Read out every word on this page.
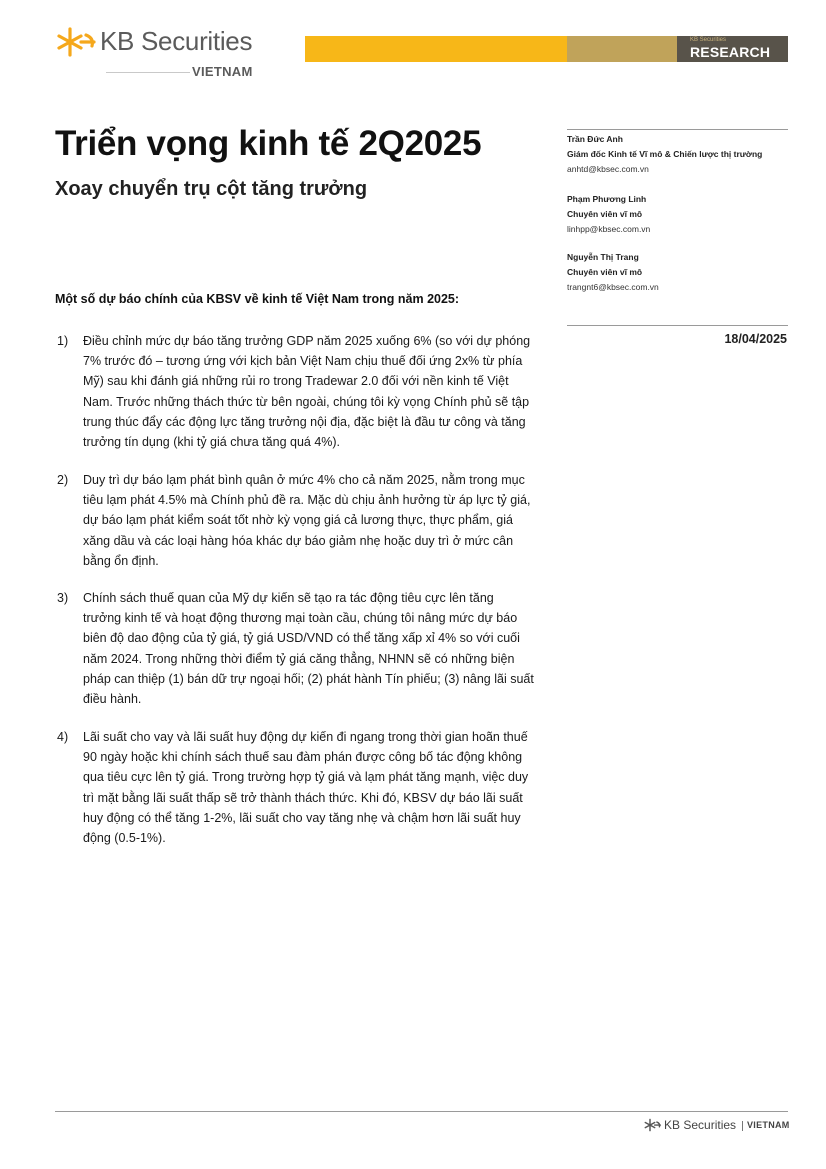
KB Securities
VIETNAM
KB Securities
RESEARCH
Triển vọng kinh tế 2Q2025
Xoay chuyển trụ cột tăng trưởng
Trần Đức Anh
Giám đốc Kinh tế Vĩ mô & Chiến lược thị trường
anhtd@kbsec.com.vn
Phạm Phương Linh
Chuyên viên vĩ mô
linhpp@kbsec.com.vn
Nguyễn Thị Trang
Chuyên viên vĩ mô
trangnt6@kbsec.com.vn
18/04/2025
Một số dự báo chính của KBSV về kinh tế Việt Nam trong năm 2025:
1) Điều chỉnh mức dự báo tăng trưởng GDP năm 2025 xuống 6% (so với dự phóng 7% trước đó – tương ứng với kịch bản Việt Nam chịu thuế đối ứng 2x% từ phía Mỹ) sau khi đánh giá những rủi ro trong Tradewar 2.0 đối với nền kinh tế Việt Nam. Trước những thách thức từ bên ngoài, chúng tôi kỳ vọng Chính phủ sẽ tập trung thúc đẩy các động lực tăng trưởng nội địa, đặc biệt là đầu tư công và tăng trưởng tín dụng (khi tỷ giá chưa tăng quá 4%).
2) Duy trì dự báo lạm phát bình quân ở mức 4% cho cả năm 2025, nằm trong mục tiêu lạm phát 4.5% mà Chính phủ đề ra. Mặc dù chịu ảnh hưởng từ áp lực tỷ giá, dự báo lạm phát kiểm soát tốt nhờ kỳ vọng giá cả lương thực, thực phẩm, giá xăng dầu và các loại hàng hóa khác dự báo giảm nhẹ hoặc duy trì ở mức cân bằng ổn định.
3) Chính sách thuế quan của Mỹ dự kiến sẽ tạo ra tác động tiêu cực lên tăng trưởng kinh tế và hoạt động thương mại toàn cầu, chúng tôi nâng mức dự báo biên độ dao động của tỷ giá, tỷ giá USD/VND có thể tăng xấp xỉ 4% so với cuối năm 2024. Trong những thời điểm tỷ giá căng thẳng, NHNN sẽ có những biện pháp can thiệp (1) bán dữ trự ngoại hối; (2) phát hành Tín phiếu; (3) nâng lãi suất điều hành.
4) Lãi suất cho vay và lãi suất huy động dự kiến đi ngang trong thời gian hoãn thuế 90 ngày hoặc khi chính sách thuế sau đàm phán được công bố tác động không qua tiêu cực lên tỷ giá. Trong trường hợp tỷ giá và lạm phát tăng mạnh, việc duy trì mặt bằng lãi suất thấp sẽ trở thành thách thức. Khi đó, KBSV dự báo lãi suất huy động có thể tăng 1-2%, lãi suất cho vay tăng nhẹ và chậm hơn lãi suất huy động (0.5-1%).
KB Securities VIETNAM
